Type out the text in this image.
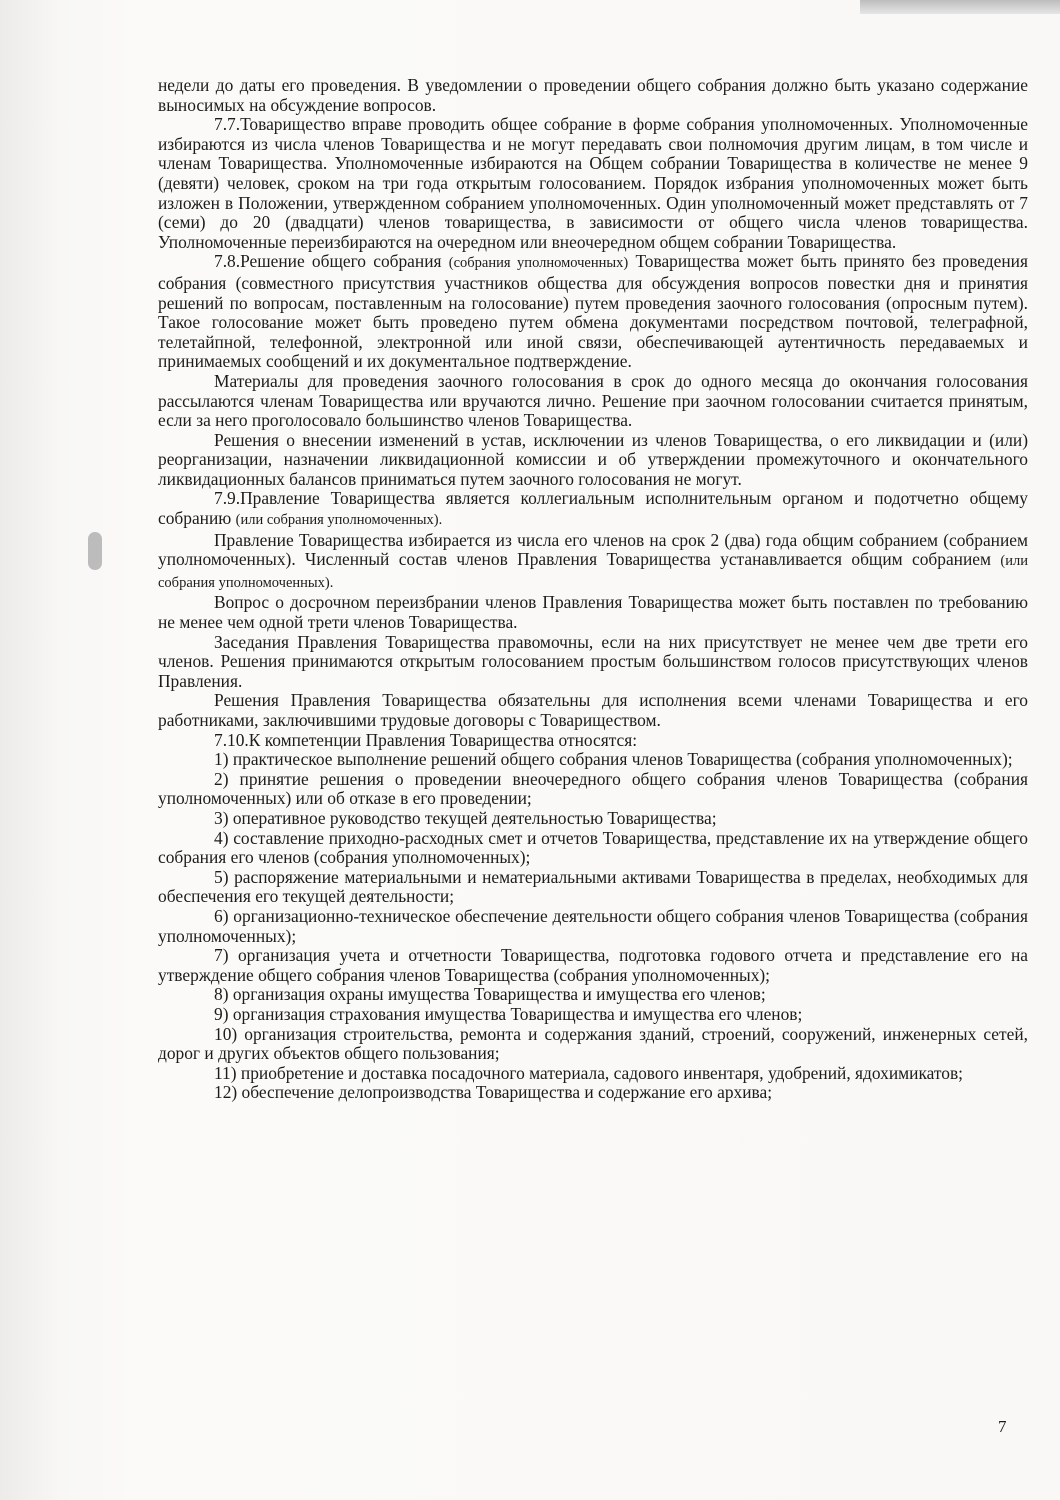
недели до даты его проведения. В уведомлении о проведении общего собрания должно быть указано содержание выносимых на обсуждение вопросов.

7.7.Товарищество вправе проводить общее собрание в форме собрания уполномоченных. Уполномоченные избираются из числа членов Товарищества и не могут передавать свои полномочия другим лицам, в том числе и членам Товарищества. Уполномоченные избираются на Общем собрании Товарищества в количестве не менее 9 (девяти) человек, сроком на три года открытым голосованием. Порядок избрания уполномоченных может быть изложен в Положении, утвержденном собранием уполномоченных. Один уполномоченный может представлять от 7 (семи) до 20 (двадцати) членов товарищества, в зависимости от общего числа членов товарищества. Уполномоченные переизбираются на очередном или внеочередном общем собрании Товарищества.

7.8.Решение общего собрания (собрания уполномоченных) Товарищества может быть принято без проведения собрания (совместного присутствия участников общества для обсуждения вопросов повестки дня и принятия решений по вопросам, поставленным на голосование) путем проведения заочного голосования (опросным путем). Такое голосование может быть проведено путем обмена документами посредством почтовой, телеграфной, телетайпной, телефонной, электронной или иной связи, обеспечивающей аутентичность передаваемых и принимаемых сообщений и их документальное подтверждение.

Материалы для проведения заочного голосования в срок до одного месяца до окончания голосования рассылаются членам Товарищества или вручаются лично. Решение при заочном голосовании считается принятым, если за него проголосовало большинство членов Товарищества.

Решения о внесении изменений в устав, исключении из членов Товарищества, о его ликвидации и (или) реорганизации, назначении ликвидационной комиссии и об утверждении промежуточного и окончательного ликвидационных балансов приниматься путем заочного голосования не могут.

7.9.Правление Товарищества является коллегиальным исполнительным органом и подотчетно общему собранию (или собрания уполномоченных).

Правление Товарищества избирается из числа его членов на срок 2 (два) года общим собранием (собранием уполномоченных). Численный состав членов Правления Товарищества устанавливается общим собранием (или собрания уполномоченных).

Вопрос о досрочном переизбрании членов Правления Товарищества может быть поставлен по требованию не менее чем одной трети членов Товарищества.

Заседания Правления Товарищества правомочны, если на них присутствует не менее чем две трети его членов. Решения принимаются открытым голосованием простым большинством голосов присутствующих членов Правления.

Решения Правления Товарищества обязательны для исполнения всеми членами Товарищества и его работниками, заключившими трудовые договоры с Товариществом.

7.10.К компетенции Правления Товарищества относятся:

1) практическое выполнение решений общего собрания членов Товарищества (собрания уполномоченных);

2) принятие решения о проведении внеочередного общего собрания членов Товарищества (собрания уполномоченных) или об отказе в его проведении;

3) оперативное руководство текущей деятельностью Товарищества;

4) составление приходно-расходных смет и отчетов Товарищества, представление их на утверждение общего собрания его членов (собрания уполномоченных);

5) распоряжение материальными и нематериальными активами Товарищества в пределах, необходимых для обеспечения его текущей деятельности;

6) организационно-техническое обеспечение деятельности общего собрания членов Товарищества (собрания уполномоченных);

7) организация учета и отчетности Товарищества, подготовка годового отчета и представление его на утверждение общего собрания членов Товарищества (собрания уполномоченных);

8) организация охраны имущества Товарищества и имущества его членов;

9) организация страхования имущества Товарищества и имущества его членов;

10) организация строительства, ремонта и содержания зданий, строений, сооружений, инженерных сетей, дорог и других объектов общего пользования;

11) приобретение и доставка посадочного материала, садового инвентаря, удобрений, ядохимикатов;

12) обеспечение делопроизводства Товарищества и содержание его архива;

7
